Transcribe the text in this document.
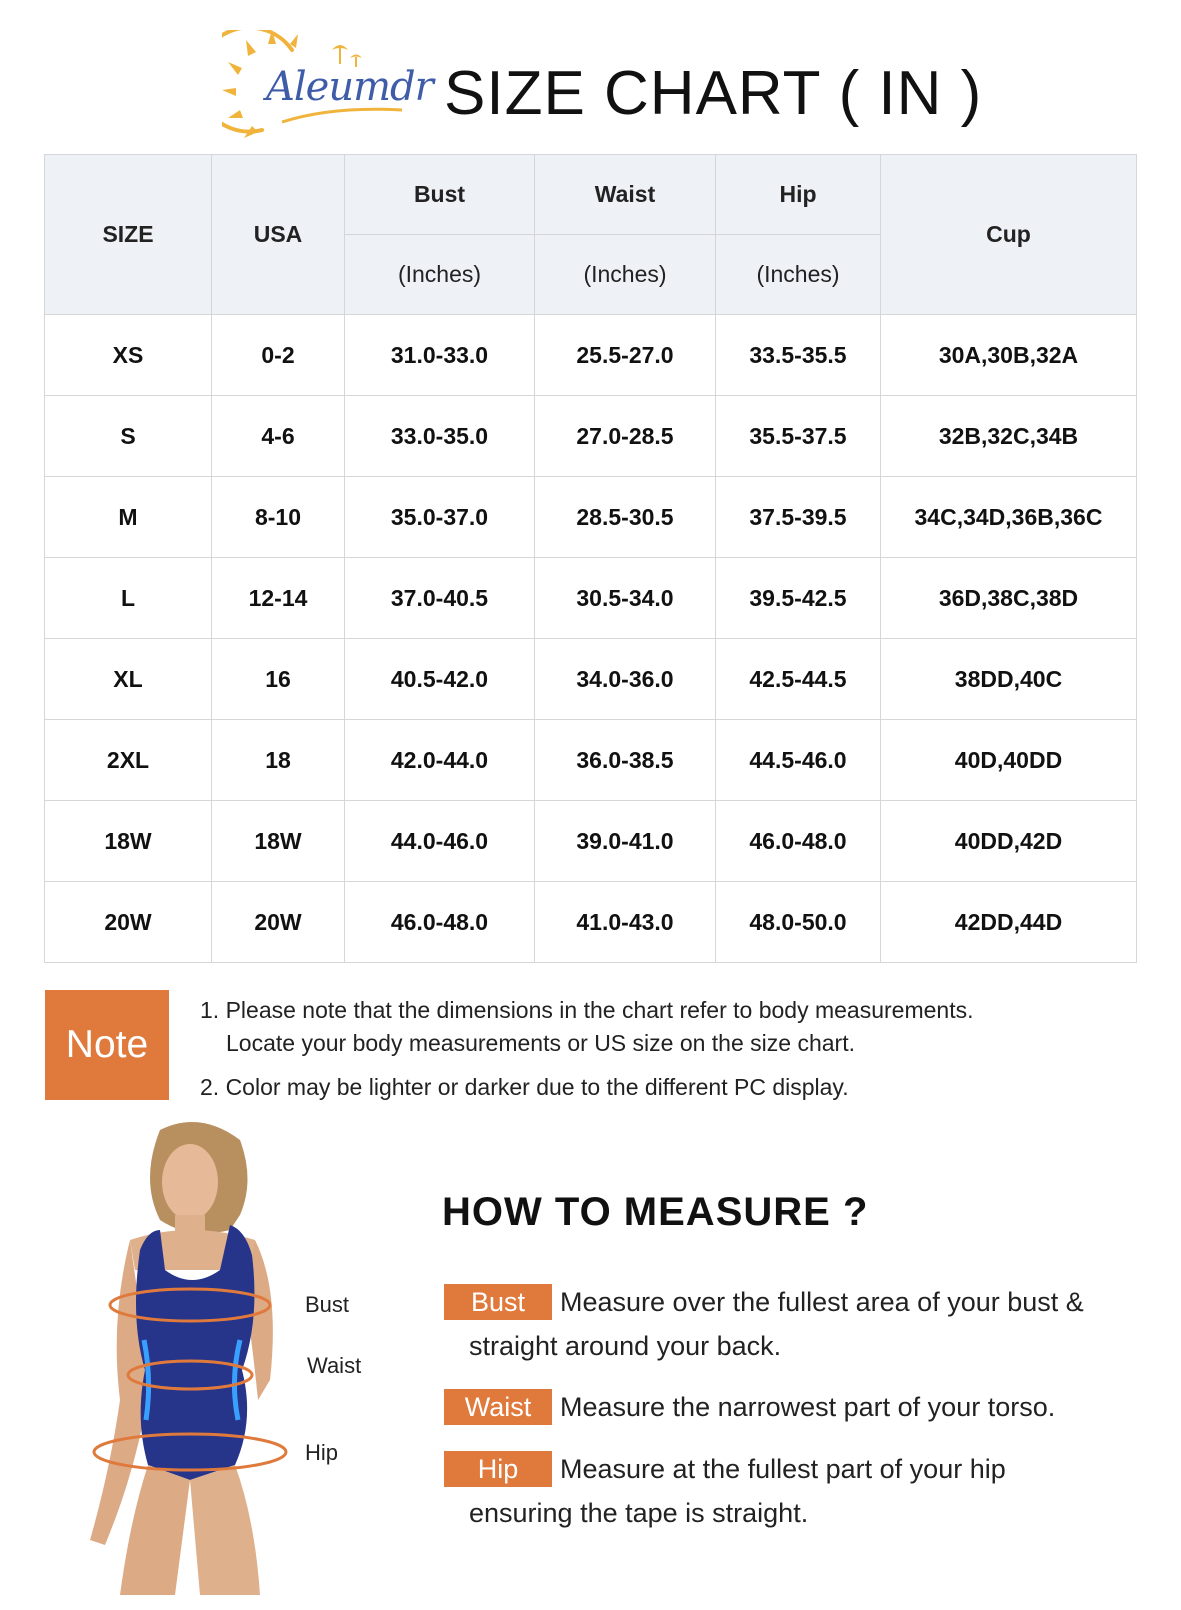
Aleumdr SIZE CHART ( IN )
SIZE	USA	Bust	Waist	Hip	Cup
		(Inches)	(Inches)	(Inches)	
XS	0-2	31.0-33.0	25.5-27.0	33.5-35.5	30A,30B,32A
S	4-6	33.0-35.0	27.0-28.5	35.5-37.5	32B,32C,34B
M	8-10	35.0-37.0	28.5-30.5	37.5-39.5	34C,34D,36B,36C
L	12-14	37.0-40.5	30.5-34.0	39.5-42.5	36D,38C,38D
XL	16	40.5-42.0	34.0-36.0	42.5-44.5	38DD,40C
2XL	18	42.0-44.0	36.0-38.5	44.5-46.0	40D,40DD
18W	18W	44.0-46.0	39.0-41.0	46.0-48.0	40DD,42D
20W	20W	46.0-48.0	41.0-43.0	48.0-50.0	42DD,44D
Note
1. Please note that the dimensions in the chart refer to body measurements.
Locate your body measurements or US size on the size chart.
2. Color may be lighter or darker due to the different PC display.
Bust
Waist
Hip
HOW TO MEASURE ?
Bust Measure over the fullest area of your bust &
straight around your back.
Waist Measure the narrowest part of your torso.
Hip Measure at the fullest part of your hip
ensuring the tape is straight.
